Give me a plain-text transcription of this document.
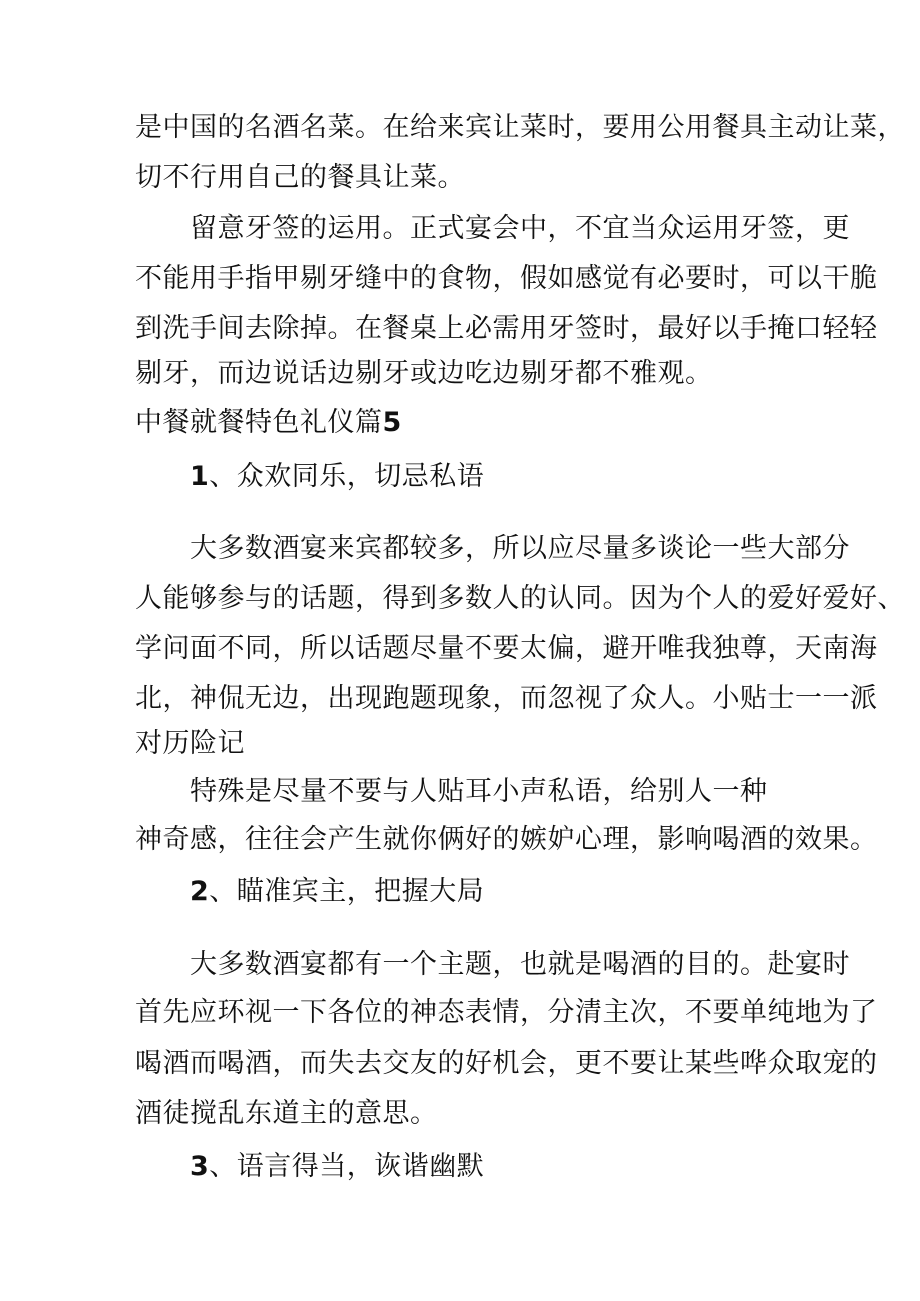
是中国的名酒名菜。在给来宾让菜时，要用公用餐具主动让菜，
切不行用自己的餐具让菜。
留意牙签的运用。正式宴会中，不宜当众运用牙签，更
不能用手指甲剔牙缝中的食物，假如感觉有必要时，可以干脆
到洗手间去除掉。在餐桌上必需用牙签时，最好以手掩口轻轻
剔牙，而边说话边剔牙或边吃边剔牙都不雅观。
中餐就餐特色礼仪篇5
1、众欢同乐，切忌私语
大多数酒宴来宾都较多，所以应尽量多谈论一些大部分
人能够参与的话题，得到多数人的认同。因为个人的爱好爱好、
学问面不同，所以话题尽量不要太偏，避开唯我独尊，天南海
北，神侃无边，出现跑题现象，而忽视了众人。小贴士一一派
对历险记
特殊是尽量不要与人贴耳小声私语，给别人一种
神奇感，往往会产生就你俩好的嫉妒心理，影响喝酒的效果。
2、瞄准宾主，把握大局
大多数酒宴都有一个主题，也就是喝酒的目的。赴宴时
首先应环视一下各位的神态表情，分清主次，不要单纯地为了
喝酒而喝酒，而失去交友的好机会，更不要让某些哗众取宠的
酒徒搅乱东道主的意思。
3、语言得当，诙谐幽默
